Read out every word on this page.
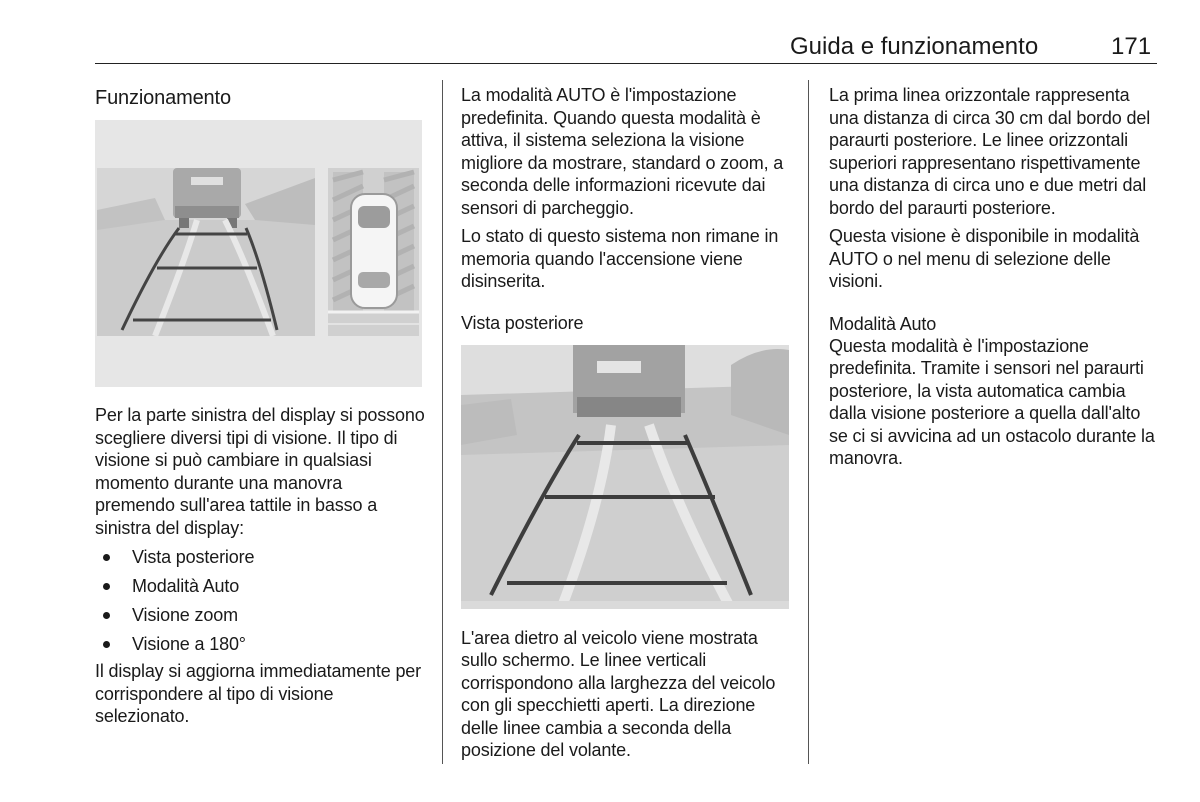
Guida e funzionamento	171
Funzionamento

Per la parte sinistra del display si possono scegliere diversi tipi di visione. Il tipo di visione si può cambiare in qualsiasi momento durante una manovra premendo sull'area tattile in basso a sinistra del display:

Vista posteriore
Modalità Auto
Visione zoom
Visione a 180°

Il display si aggiorna immediatamente per corrispondere al tipo di visione selezionato.

La modalità AUTO è l'impostazione predefinita. Quando questa modalità è attiva, il sistema seleziona la visione migliore da mostrare, standard o zoom, a seconda delle informazioni ricevute dai sensori di parcheggio.

Lo stato di questo sistema non rimane in memoria quando l'accensione viene disinserita.

Vista posteriore

L'area dietro al veicolo viene mostrata sullo schermo. Le linee verticali corrispondono alla larghezza del veicolo con gli specchietti aperti. La direzione delle linee cambia a seconda della posizione del volante.

La prima linea orizzontale rappresenta una distanza di circa 30 cm dal bordo del paraurti posteriore. Le linee orizzontali superiori rappresentano rispettivamente una distanza di circa uno e due metri dal bordo del paraurti posteriore.

Questa visione è disponibile in modalità AUTO o nel menu di selezione delle visioni.

Modalità Auto

Questa modalità è l'impostazione predefinita. Tramite i sensori nel paraurti posteriore, la vista automatica cambia dalla visione posteriore a quella dall'alto se ci si avvicina ad un ostacolo durante la manovra.
